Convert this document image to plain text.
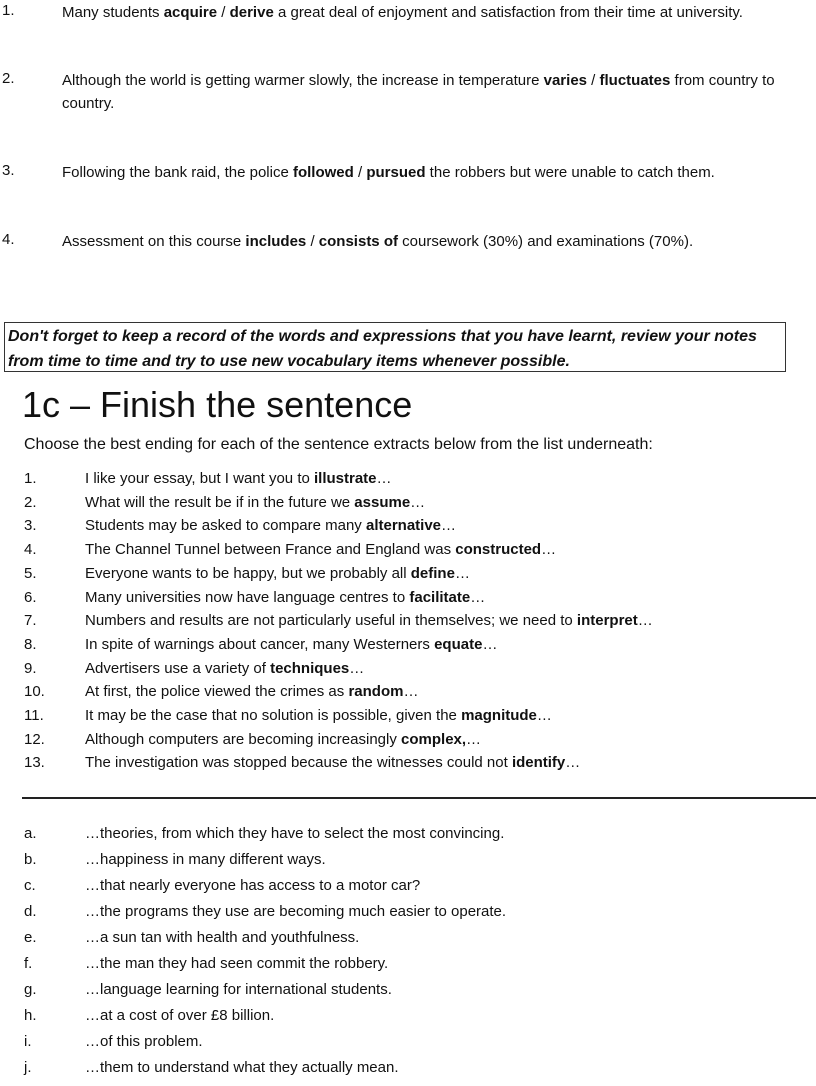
1.	Many students acquire / derive a great deal of enjoyment and satisfaction from their time at university.
2.	Although the world is getting warmer slowly, the increase in temperature varies / fluctuates from country to country.
3.	Following the bank raid, the police followed / pursued the robbers but were unable to catch them.
4.	Assessment on this course includes / consists of coursework (30%) and examinations (70%).
Don't forget to keep a record of the words and expressions that you have learnt, review your notes from time to time and try to use new vocabulary items whenever possible.
1c – Finish the sentence
Choose the best ending for each of the sentence extracts below from the list underneath:
1.	I like your essay, but I want you to illustrate…
2.	What will the result be if in the future we assume…
3.	Students may be asked to compare many alternative…
4.	The Channel Tunnel between France and England was constructed…
5.	Everyone wants to be happy, but we probably all define…
6.	Many universities now have language centres to facilitate…
7.	Numbers and results are not particularly useful in themselves; we need to interpret…
8.	In spite of warnings about cancer, many Westerners equate…
9.	Advertisers use a variety of techniques…
10.	At first, the police viewed the crimes as random…
11.	It may be the case that no solution is possible, given the magnitude…
12.	Although computers are becoming increasingly complex,…
13.	The investigation was stopped because the witnesses could not identify…
a.	…theories, from which they have to select the most convincing.
b.	…happiness in many different ways.
c.	…that nearly everyone has access to a motor car?
d.	…the programs they use are becoming much easier to operate.
e.	…a sun tan with health and youthfulness.
f.	…the man they had seen commit the robbery.
g.	…language learning for international students.
h.	…at a cost of over £8 billion.
i.	…of this problem.
j.	…them to understand what they actually mean.
